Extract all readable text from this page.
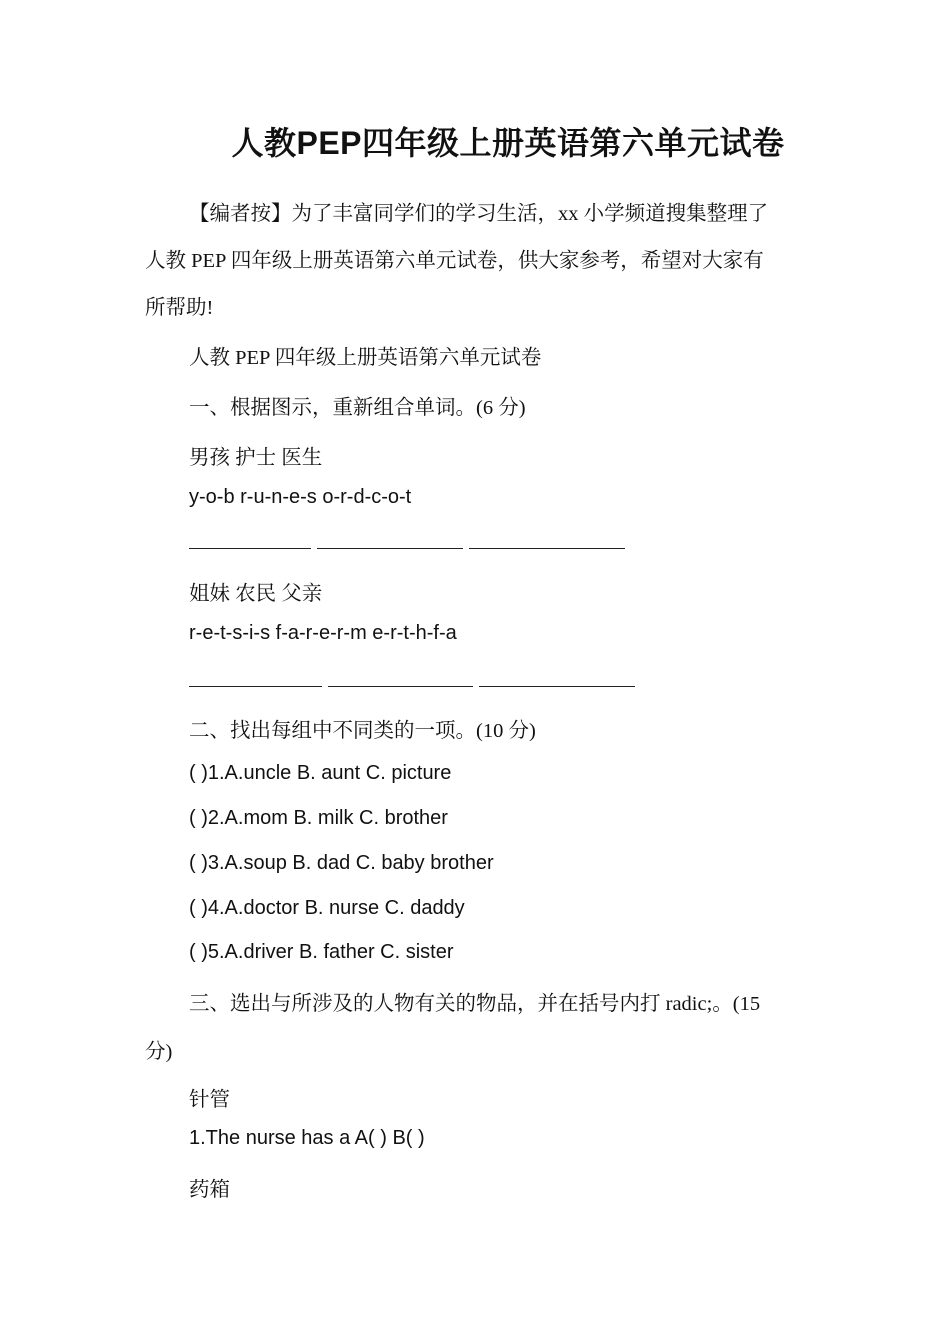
人教PEP四年级上册英语第六单元试卷
【编者按】为了丰富同学们的学习生活，xx 小学频道搜集整理了
人教 PEP 四年级上册英语第六单元试卷，供大家参考，希望对大家有
所帮助!
人教 PEP 四年级上册英语第六单元试卷
一、根据图示，重新组合单词。(6 分)
男孩 护士 医生
y-o-b r-u-n-e-s o-r-d-c-o-t
姐妹 农民 父亲
r-e-t-s-i-s f-a-r-e-r-m e-r-t-h-f-a
二、找出每组中不同类的一项。(10 分)
( )1.A.uncle B. aunt C. picture
( )2.A.mom B. milk C. brother
( )3.A.soup B. dad C. baby brother
( )4.A.doctor B. nurse C. daddy
( )5.A.driver B. father C. sister
三、选出与所涉及的人物有关的物品，并在括号内打 radic;。(15
分)
针管
1.The nurse has a A( ) B( )
药箱
